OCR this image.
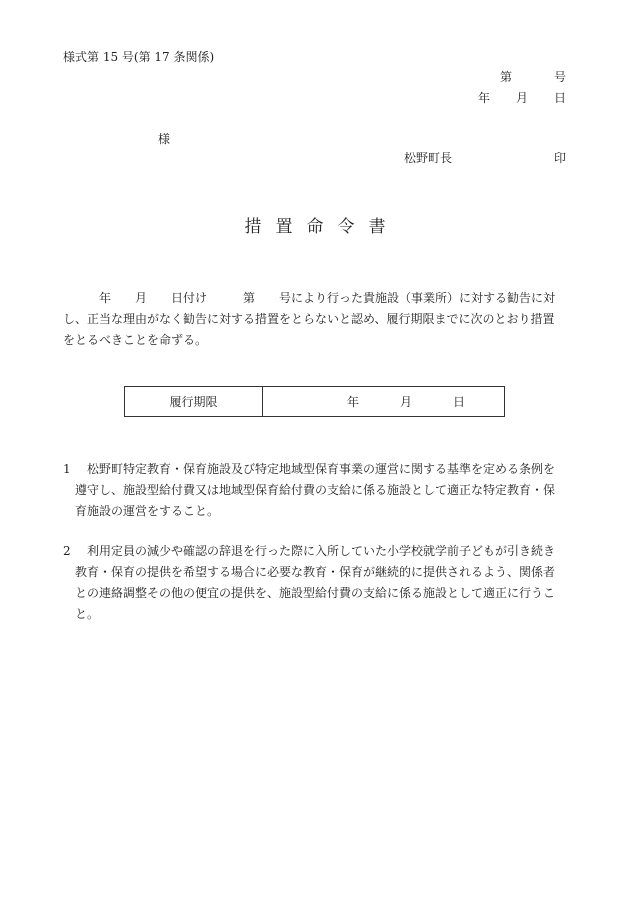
様式第 15 号(第 17 条関係)
第	号
年 月 日
様
松野町長	印
措置命令書
年　　月　　日付け　　　第　　号により行った貴施設（事業所）に対する勧告に対
し、正当な理由がなく勧告に対する措置をとらないと認め、履行期限までに次のとおり措置
をとるべきことを命ずる。
履行期限	年	月	日
1 松野町特定教育・保育施設及び特定地域型保育事業の運営に関する基準を定める条例を
遵守し、施設型給付費又は地域型保育給付費の支給に係る施設として適正な特定教育・保
育施設の運営をすること。
2 利用定員の減少や確認の辞退を行った際に入所していた小学校就学前子どもが引き続き
教育・保育の提供を希望する場合に必要な教育・保育が継続的に提供されるよう、関係者
との連絡調整その他の便宜の提供を、施設型給付費の支給に係る施設として適正に行うこ
と。
